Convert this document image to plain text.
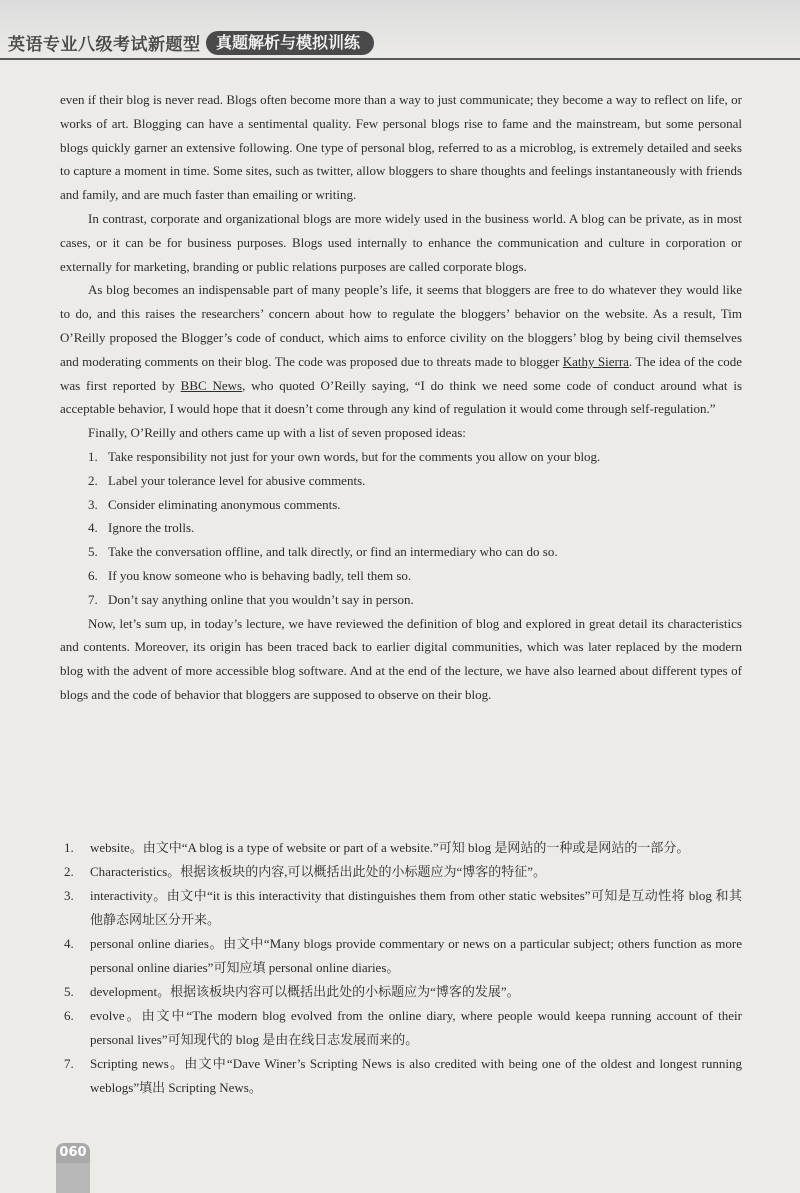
英语专业八级考试新题型 真题解析与模拟训练

even if their blog is never read. Blogs often become more than a way to just communicate; they become a way to reflect on life, or works of art. Blogging can have a sentimental quality. Few personal blogs rise to fame and the mainstream, but some personal blogs quickly garner an extensive following. One type of personal blog, referred to as a microblog, is extremely detailed and seeks to capture a moment in time. Some sites, such as twitter, allow bloggers to share thoughts and feelings instantaneously with friends and family, and are much faster than emailing or writing.

In contrast, corporate and organizational blogs are more widely used in the business world. A blog can be private, as in most cases, or it can be for business purposes. Blogs used internally to enhance the communication and culture in corporation or externally for marketing, branding or public relations purposes are called corporate blogs.

As blog becomes an indispensable part of many people’s life, it seems that bloggers are free to do whatever they would like to do, and this raises the researchers’ concern about how to regulate the bloggers’ behavior on the website. As a result, Tim O’Reilly proposed the Blogger’s code of conduct, which aims to enforce civility on the bloggers’ blog by being civil themselves and moderating comments on their blog. The code was proposed due to threats made to blogger Kathy Sierra. The idea of the code was first reported by BBC News, who quoted O’Reilly saying, “I do think we need some code of conduct around what is acceptable behavior, I would hope that it doesn’t come through any kind of regulation it would come through self-regulation.”

Finally, O’Reilly and others came up with a list of seven proposed ideas:

1. Take responsibility not just for your own words, but for the comments you allow on your blog.
2. Label your tolerance level for abusive comments.
3. Consider eliminating anonymous comments.
4. Ignore the trolls.
5. Take the conversation offline, and talk directly, or find an intermediary who can do so.
6. If you know someone who is behaving badly, tell them so.
7. Don’t say anything online that you wouldn’t say in person.

Now, let’s sum up, in today’s lecture, we have reviewed the definition of blog and explored in great detail its characteristics and contents. Moreover, its origin has been traced back to earlier digital communities, which was later replaced by the modern blog with the advent of more accessible blog software. And at the end of the lecture, we have also learned about different types of blogs and the code of behavior that bloggers are supposed to observe on their blog.

1.	website。由文中“A blog is a type of website or part of a website.”可知 blog 是网站的一种或是网站的一部分。
2.	Characteristics。根据该板块的内容,可以概括出此处的小标题应为“博客的特征”。
3.	interactivity。由文中“it is this interactivity that distinguishes them from other static websites”可知是互动性将 blog 和其他静态网址区分开来。
4.	personal online diaries。由文中“Many blogs provide commentary or news on a particular subject; others function as more personal online diaries”可知应填 personal online diaries。
5.	development。根据该板块内容可以概括出此处的小标题应为“博客的发展”。
6.	evolve。由文中“The modern blog evolved from the online diary, where people would keepa running account of their personal lives”可知现代的 blog 是由在线日志发展而来的。
7.	Scripting news。由文中“Dave Winer’s Scripting News is also credited with being one of the oldest and longest running weblogs”填出 Scripting News。
060
